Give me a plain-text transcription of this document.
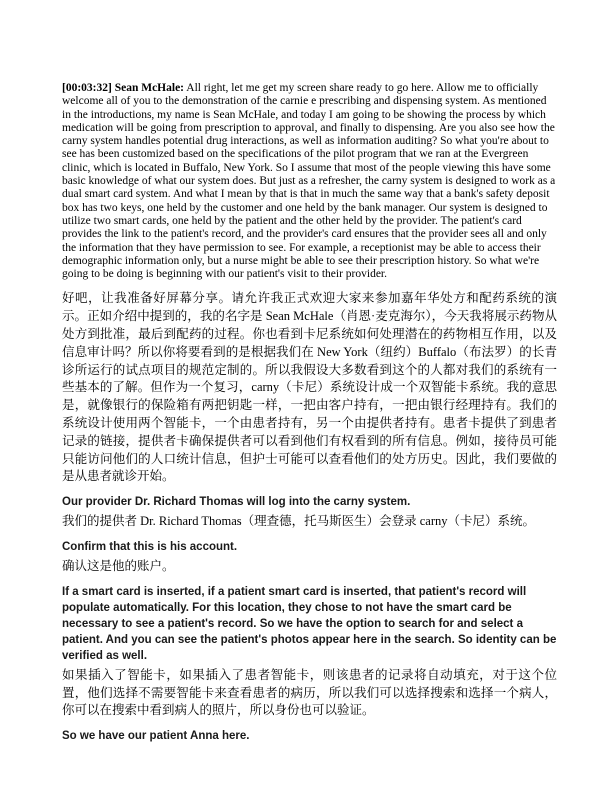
[00:03:32] Sean McHale: All right, let me get my screen share ready to go here. Allow me to officially welcome all of you to the demonstration of the carnie e prescribing and dispensing system. As mentioned in the introductions, my name is Sean McHale, and today I am going to be showing the process by which medication will be going from prescription to approval, and finally to dispensing. Are you also see how the carny system handles potential drug interactions, as well as information auditing? So what you're about to see has been customized based on the specifications of the pilot program that we ran at the Evergreen clinic, which is located in Buffalo, New York. So I assume that most of the people viewing this have some basic knowledge of what our system does. But just as a refresher, the carny system is designed to work as a dual smart card system. And what I mean by that is that in much the same way that a bank's safety deposit box has two keys, one held by the customer and one held by the bank manager. Our system is designed to utilize two smart cards, one held by the patient and the other held by the provider. The patient's card provides the link to the patient's record, and the provider's card ensures that the provider sees all and only the information that they have permission to see. For example, a receptionist may be able to access their demographic information only, but a nurse might be able to see their prescription history. So what we're going to be doing is beginning with our patient's visit to their provider.

好吧，让我准备好屏幕分享。请允许我正式欢迎大家来参加嘉年华处方和配药系统的演示。正如介绍中提到的，我的名字是 Sean McHale（肖恩·麦克海尔），今天我将展示药物从处方到批准，最后到配药的过程。你也看到卡尼系统如何处理潜在的药物相互作用，以及信息审计吗？所以你将要看到的是根据我们在 New York（纽约）Buffalo（布法罗）的长青诊所运行的试点项目的规范定制的。所以我假设大多数看到这个的人都对我们的系统有一些基本的了解。但作为一个复习，carny（卡尼）系统设计成一个双智能卡系统。我的意思是，就像银行的保险箱有两把钥匙一样，一把由客户持有，一把由银行经理持有。我们的系统设计使用两个智能卡，一个由患者持有，另一个由提供者持有。患者卡提供了到患者记录的链接，提供者卡确保提供者可以看到他们有权看到的所有信息。例如，接待员可能只能访问他们的人口统计信息，但护士可能可以查看他们的处方历史。因此，我们要做的是从患者就诊开始。

Our provider Dr. Richard Thomas will log into the carny system.

我们的提供者 Dr. Richard Thomas（理查德，托马斯医生）会登录 carny（卡尼）系统。

Confirm that this is his account.

确认这是他的账户。

If a smart card is inserted, if a patient smart card is inserted, that patient's record will populate automatically. For this location, they chose to not have the smart card be necessary to see a patient's record. So we have the option to search for and select a patient. And you can see the patient's photos appear here in the search. So identity can be verified as well.

如果插入了智能卡，如果插入了患者智能卡，则该患者的记录将自动填充，对于这个位置，他们选择不需要智能卡来查看患者的病历，所以我们可以选择搜索和选择一个病人，你可以在搜索中看到病人的照片，所以身份也可以验证。

So we have our patient Anna here.
